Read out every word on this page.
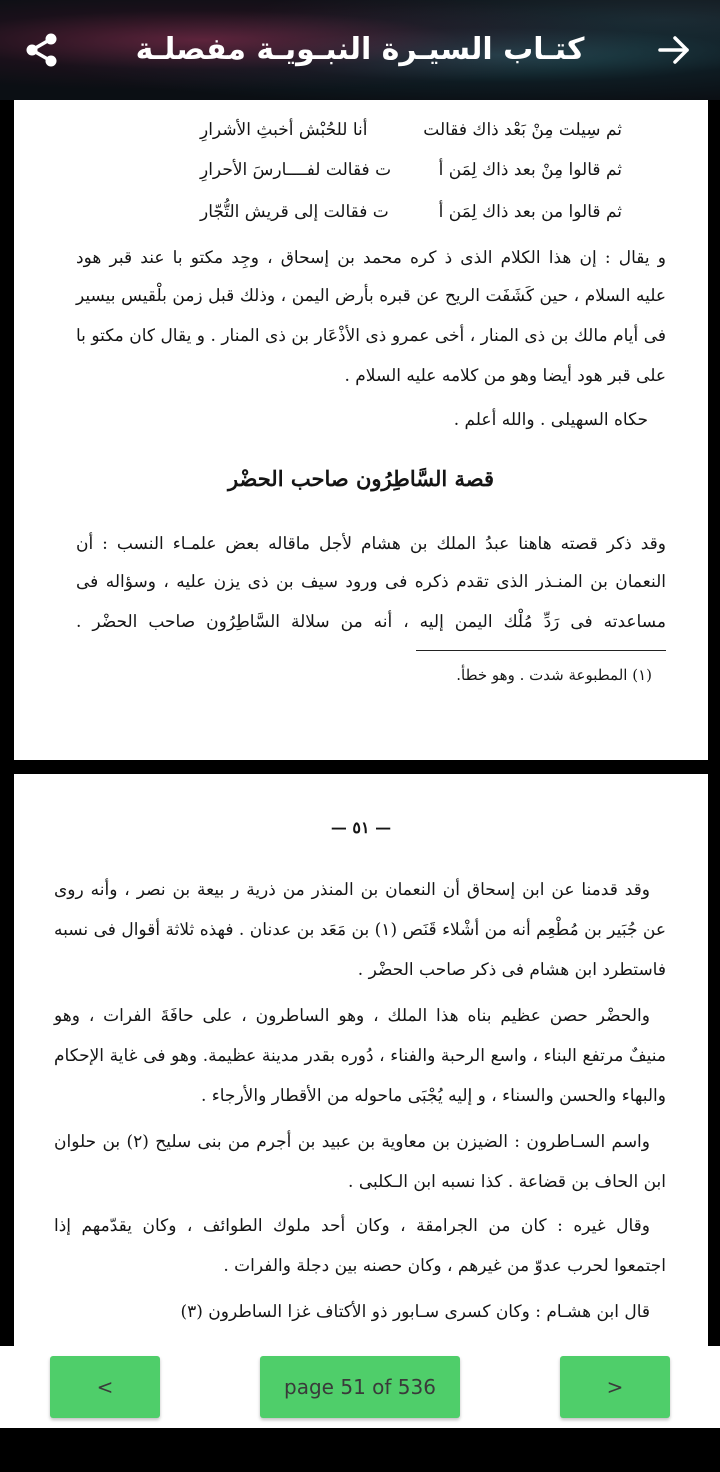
كتـاب السيـرة النبـويـة مفصلـة
ثم سِيلت مِنْ بَعْد ذاك فقالت
أنا للحُبْش أخبثِ الأشرارِ
ثم قالوا مِنْ بعد ذاك لِمَن أ
ت فقالت لفــــارسَ الأحرارِ
ثم قالوا من بعد ذاك لِمَن أ
ت فقالت إلى قريش التُّجّار
و يقال : إن هذا الكلام الذى ذ كره محمد بن إسحاق ، وجِد مكتو با عند قبر هود
عليه السلام ، حين كَشَفَت الريح عن قبره بأرض اليمن ، وذلك قبل زمن بلْقيس بيسير
فى أيام مالك بن ذى المنار ، أخى عمرو ذى الأذْعَار بن ذى المنار . و يقال كان مكتو با
على قبر هود أيضا وهو من كلامه عليه السلام .
حكاه السهيلى . والله أعلم .
قصة السَّاطِرُون صاحب الحضْر
وقد ذكر قصته هاهنا عبدُ الملك بن هشام لأجل ماقاله بعض علمـاء النسب : أن
النعمان بن المنـذر الذى تقدم ذكره فى ورود سيف بن ذى يزن عليه ، وسؤاله فى
مساعدته فى رَدِّ مُلْك اليمن إليه ، أنه من سلالة السَّاطِرُون صاحب الحضْر .
(١) المطبوعة شدت . وهو خطأ.
— ٥١ —
وقد قدمنا عن ابن إسحاق أن النعمان بن المنذر من ذرية ر بيعة بن نصر ، وأنه روى
عن جُبَير بن مُطْعِم أنه من أشْلاء قَنَص (١) بن مَعَد بن عدنان . فهذه ثلاثة أقوال فى نسبه
فاستطرد ابن هشام فى ذكر صاحب الحضْر .
والحضْر حصن عظيم بناه هذا الملك ، وهو الساطرون ، على حافَةَ الفرات ، وهو
منيفٌ مرتفع البناء ، واسع الرحبة والفناء ، دُوره بقدر مدينة عظيمة. وهو فى غاية الإحكام
والبهاء والحسن والسناء ، و إليه يُجْبَى ماحوله من الأقطار والأرجاء .
واسم السـاطرون : الضيزن بن معاوية بن عبيد بن أجرم من بنى سليح (٢) بن حلوان
ابن الحاف بن قضاعة . كذا نسبه ابن الـكلبى .
وقال غيره : كان من الجرامقة ، وكان أحد ملوك الطوائف ، وكان يقدّمهم إذا
اجتمعوا لحرب عدوّ من غيرهم ، وكان حصنه بين دجلة والفرات .
قال ابن هشـام : وكان كسرى سـابور ذو الأكتاف غزا الساطرون (٣)
<	page 51 of 536	>
